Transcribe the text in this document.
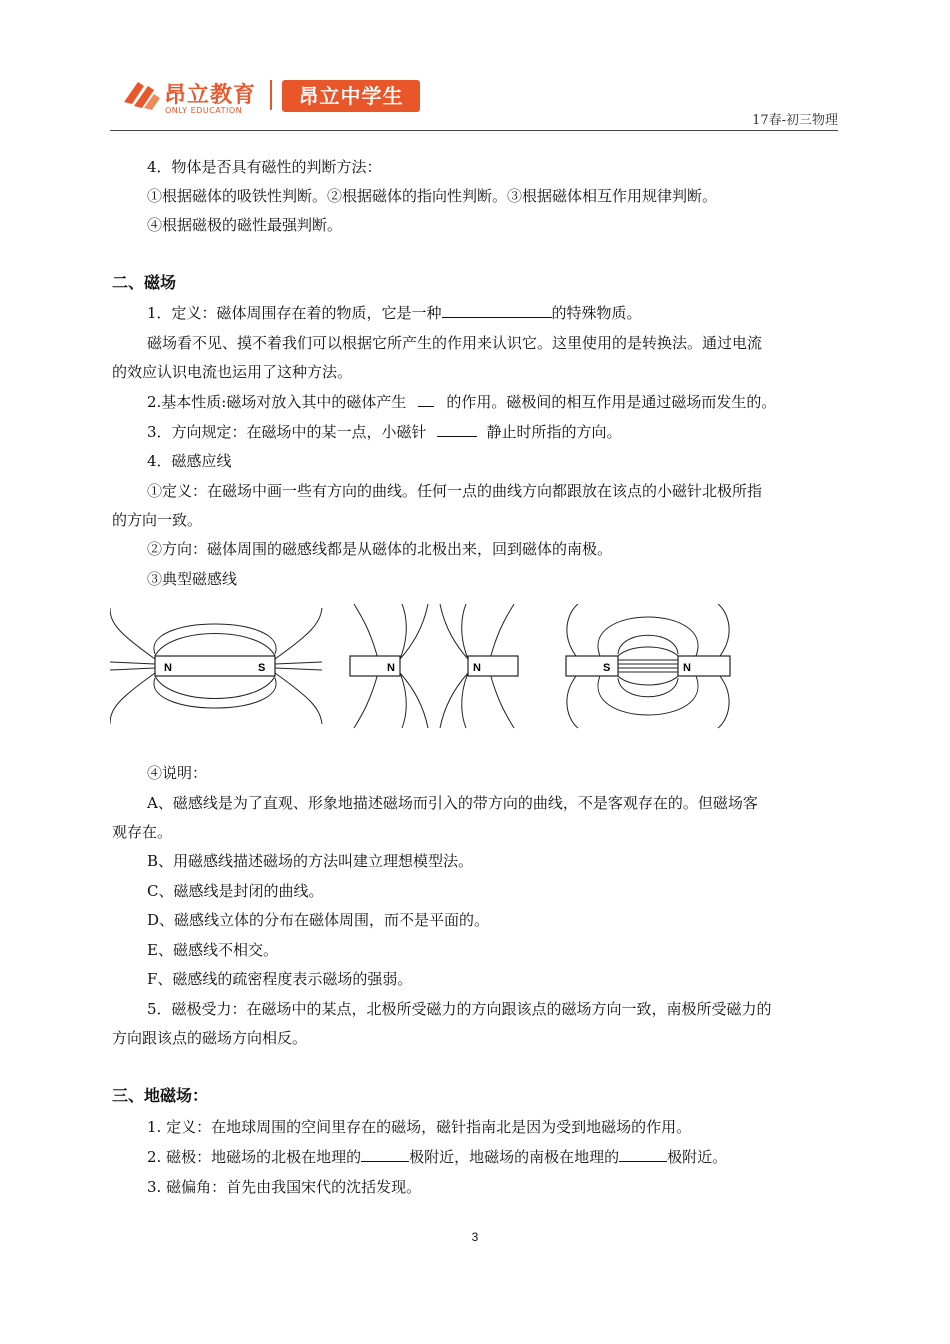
昂立教育
ONLY EDUCATION
昂立中学生
17春-初三物理
4．物体是否具有磁性的判断方法：
①根据磁体的吸铁性判断。②根据磁体的指向性判断。③根据磁体相互作用规律判断。
④根据磁极的磁性最强判断。
二、磁场
1．定义：磁体周围存在着的物质，它是一种	的特殊物质。
磁场看不见、摸不着我们可以根据它所产生的作用来认识它。这里使用的是转换法。通过电流
的效应认识电流也运用了这种方法。
2.基本性质:磁场对放入其中的磁体产生	的作用。磁极间的相互作用是通过磁场而发生的。
3．方向规定：在磁场中的某一点，小磁针	静止时所指的方向。
4．磁感应线
①定义：在磁场中画一些有方向的曲线。任何一点的曲线方向都跟放在该点的小磁针北极所指
的方向一致。
②方向：磁体周围的磁感线都是从磁体的北极出来，回到磁体的南极。
③典型磁感线
N	S	N	N	S	N
④说明：
A、磁感线是为了直观、形象地描述磁场而引入的带方向的曲线，不是客观存在的。但磁场客
观存在。
B、用磁感线描述磁场的方法叫建立理想模型法。
C、磁感线是封闭的曲线。
D、磁感线立体的分布在磁体周围，而不是平面的。
E、磁感线不相交。
F、磁感线的疏密程度表示磁场的强弱。
5．磁极受力：在磁场中的某点，北极所受磁力的方向跟该点的磁场方向一致，南极所受磁力的
方向跟该点的磁场方向相反。
三、地磁场：
1. 定义：在地球周围的空间里存在的磁场，磁针指南北是因为受到地磁场的作用。
2. 磁极：地磁场的北极在地理的	极附近，地磁场的南极在地理的	极附近。
3. 磁偏角：首先由我国宋代的沈括发现。
3
